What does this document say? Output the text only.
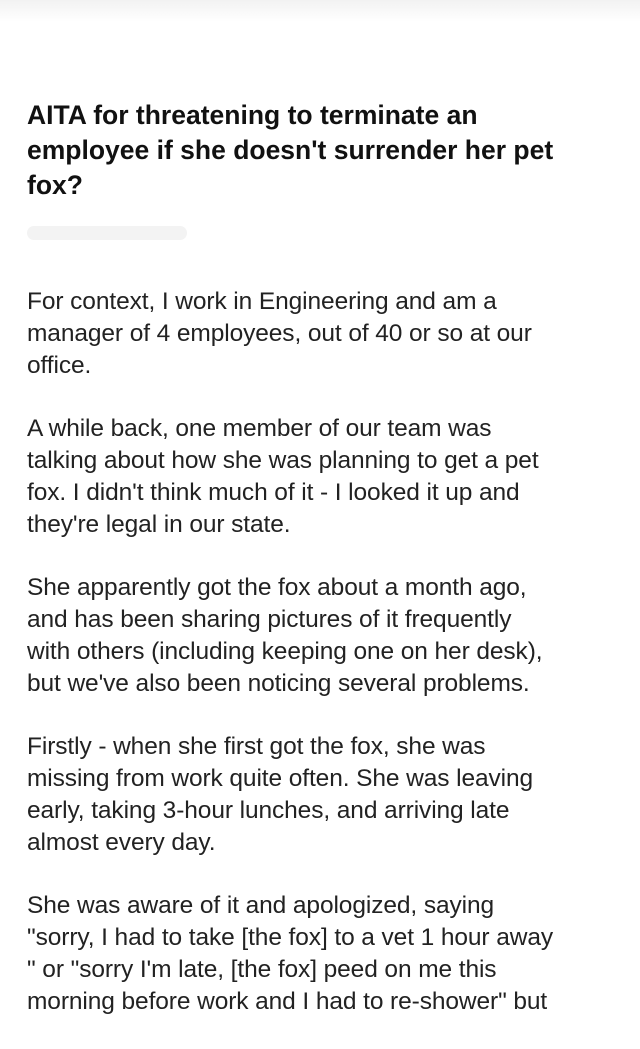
AITA for threatening to terminate an
employee if she doesn't surrender her pet
fox?

For context, I work in Engineering and am a
manager of 4 employees, out of 40 or so at our
office.

A while back, one member of our team was
talking about how she was planning to get a pet
fox. I didn't think much of it - I looked it up and
they're legal in our state.

She apparently got the fox about a month ago,
and has been sharing pictures of it frequently
with others (including keeping one on her desk),
but we've also been noticing several problems.

Firstly - when she first got the fox, she was
missing from work quite often. She was leaving
early, taking 3-hour lunches, and arriving late
almost every day.

She was aware of it and apologized, saying
"sorry, I had to take [the fox] to a vet 1 hour away
" or "sorry I'm late, [the fox] peed on me this
morning before work and I had to re-shower" but
